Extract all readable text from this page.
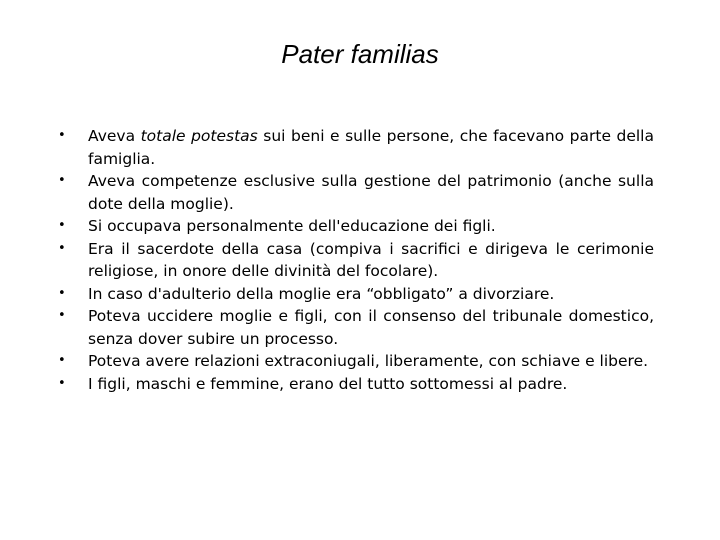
Pater familias
• Aveva totale potestas sui beni e sulle persone, che facevano parte della famiglia.
• Aveva competenze esclusive sulla gestione del patrimonio (anche sulla dote della moglie).
• Si occupava personalmente dell'educazione dei figli.
• Era il sacerdote della casa (compiva i sacrifici e dirigeva le cerimonie religiose, in onore delle divinità del focolare).
• In caso d'adulterio della moglie era “obbligato” a divorziare.
• Poteva uccidere moglie e figli, con il consenso del tribunale domestico, senza dover subire un processo.
• Poteva avere relazioni extraconiugali, liberamente, con schiave e libere.
• I figli, maschi e femmine, erano del tutto sottomessi al padre.
